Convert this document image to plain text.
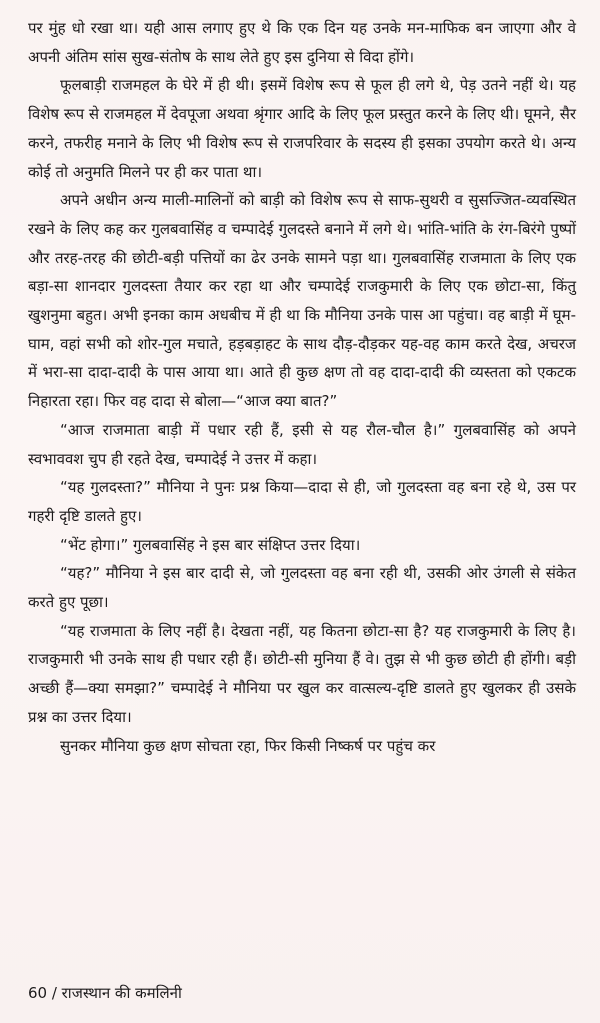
पर मुंह धो रखा था। यही आस लगाए हुए थे कि एक दिन यह उनके मन-माफिक बन जाएगा और वे अपनी अंतिम सांस सुख-संतोष के साथ लेते हुए इस दुनिया से विदा होंगे।

फूलबाड़ी राजमहल के घेरे में ही थी। इसमें विशेष रूप से फूल ही लगे थे, पेड़ उतने नहीं थे। यह विशेष रूप से राजमहल में देवपूजा अथवा श्रृंगार आदि के लिए फूल प्रस्तुत करने के लिए थी। घूमने, सैर करने, तफरीह मनाने के लिए भी विशेष रूप से राजपरिवार के सदस्य ही इसका उपयोग करते थे। अन्य कोई तो अनुमति मिलने पर ही कर पाता था।

अपने अधीन अन्य माली-मालिनों को बाड़ी को विशेष रूप से साफ-सुथरी व सुसज्जित-व्यवस्थित रखने के लिए कह कर गुलबवासिंह व चम्पादेई गुलदस्ते बनाने में लगे थे। भांति-भांति के रंग-बिरंगे पुष्पों और तरह-तरह की छोटी-बड़ी पत्तियों का ढेर उनके सामने पड़ा था। गुलबवासिंह राजमाता के लिए एक बड़ा-सा शानदार गुलदस्ता तैयार कर रहा था और चम्पादेई राजकुमारी के लिए एक छोटा-सा, किंतु खुशनुमा बहुत। अभी इनका काम अधबीच में ही था कि मौनिया उनके पास आ पहुंचा। वह बाड़ी में घूम-घाम, वहां सभी को शोर-गुल मचाते, हड़बड़ाहट के साथ दौड़-दौड़कर यह-वह काम करते देख, अचरज में भरा-सा दादा-दादी के पास आया था। आते ही कुछ क्षण तो वह दादा-दादी की व्यस्तता को एकटक निहारता रहा। फिर वह दादा से बोला—“आज क्या बात?”

“आज राजमाता बाड़ी में पधार रही हैं, इसी से यह रौल-चौल है।” गुलबवासिंह को अपने स्वभाववश चुप ही रहते देख, चम्पादेई ने उत्तर में कहा।

“यह गुलदस्ता?” मौनिया ने पुनः प्रश्न किया—दादा से ही, जो गुलदस्ता वह बना रहे थे, उस पर गहरी दृष्टि डालते हुए।

“भेंट होगा।” गुलबवासिंह ने इस बार संक्षिप्त उत्तर दिया।

“यह?” मौनिया ने इस बार दादी से, जो गुलदस्ता वह बना रही थी, उसकी ओर उंगली से संकेत करते हुए पूछा।

“यह राजमाता के लिए नहीं है। देखता नहीं, यह कितना छोटा-सा है? यह राजकुमारी के लिए है। राजकुमारी भी उनके साथ ही पधार रही हैं। छोटी-सी मुनिया हैं वे। तुझ से भी कुछ छोटी ही होंगी। बड़ी अच्छी हैं—क्या समझा?” चम्पादेई ने मौनिया पर खुल कर वात्सल्य-दृष्टि डालते हुए खुलकर ही उसके प्रश्न का उत्तर दिया।

सुनकर मौनिया कुछ क्षण सोचता रहा, फिर किसी निष्कर्ष पर पहुंच कर

60 / राजस्थान की कमलिनी
